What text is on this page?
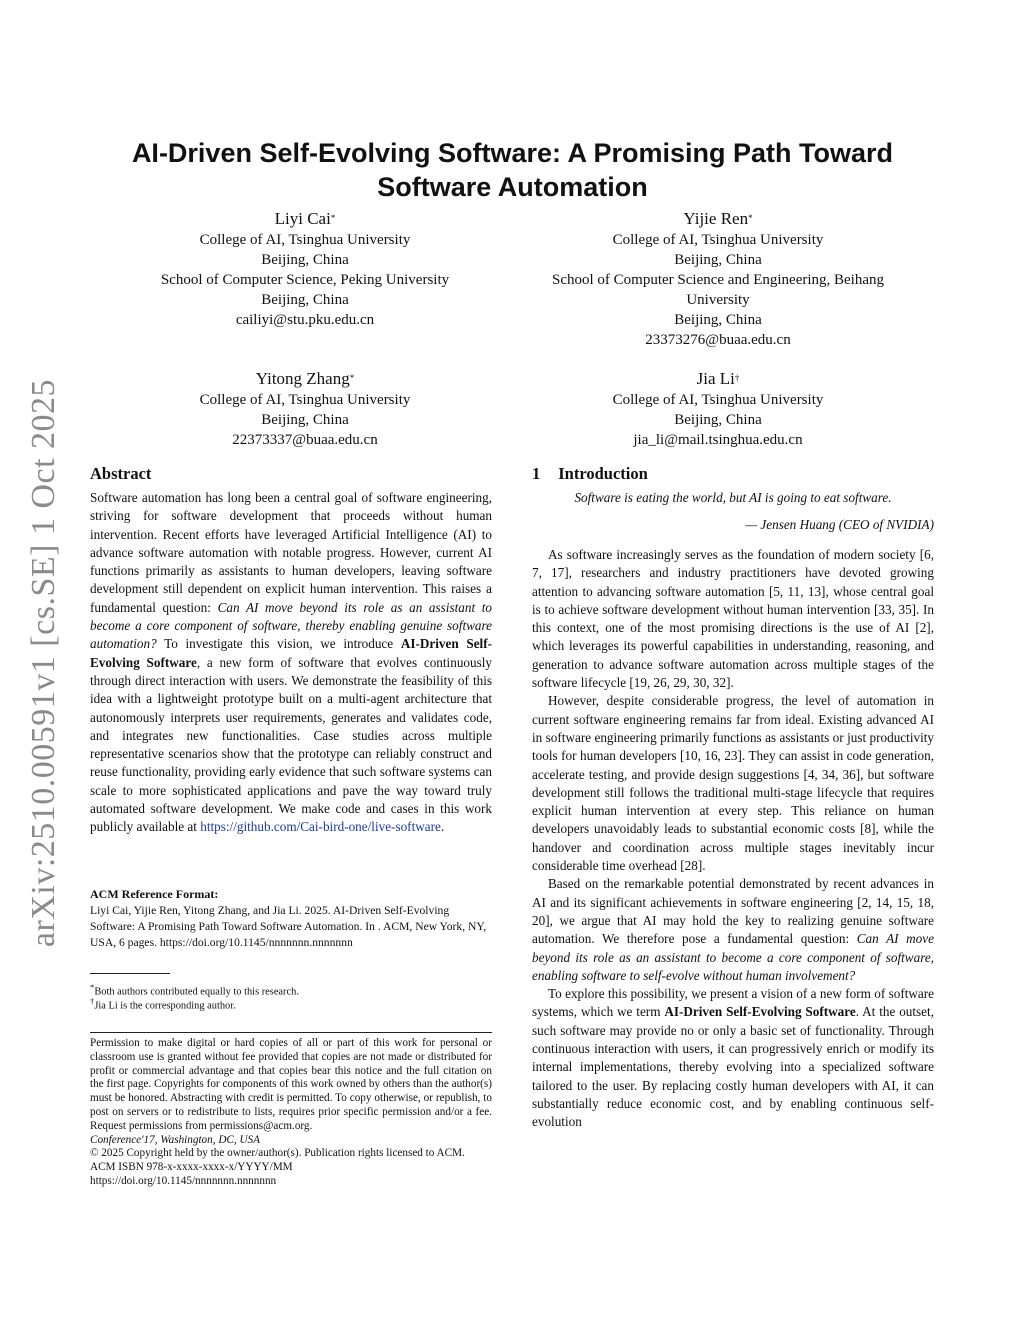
arXiv:2510.00591v1 [cs.SE] 1 Oct 2025
AI-Driven Self-Evolving Software: A Promising Path Toward Software Automation
Liyi Cai*
College of AI, Tsinghua University
Beijing, China
School of Computer Science, Peking University
Beijing, China
cailiyi@stu.pku.edu.cn
Yijie Ren*
College of AI, Tsinghua University
Beijing, China
School of Computer Science and Engineering, Beihang
University
Beijing, China
23373276@buaa.edu.cn
Yitong Zhang*
College of AI, Tsinghua University
Beijing, China
22373337@buaa.edu.cn
Jia Li†
College of AI, Tsinghua University
Beijing, China
jia_li@mail.tsinghua.edu.cn
Abstract

Software automation has long been a central goal of software engineering, striving for software development that proceeds without human intervention. Recent efforts have leveraged Artificial Intelligence (AI) to advance software automation with notable progress. However, current AI functions primarily as assistants to human developers, leaving software development still dependent on explicit human intervention. This raises a fundamental question: Can AI move beyond its role as an assistant to become a core component of software, thereby enabling genuine software automation? To investigate this vision, we introduce AI-Driven Self-Evolving Software, a new form of software that evolves continuously through direct interaction with users. We demonstrate the feasibility of this idea with a lightweight prototype built on a multi-agent architecture that autonomously interprets user requirements, generates and validates code, and integrates new functionalities. Case studies across multiple representative scenarios show that the prototype can reliably construct and reuse functionality, providing early evidence that such software systems can scale to more sophisticated applications and pave the way toward truly automated software development. We make code and cases in this work publicly available at https://github.com/Cai-bird-one/live-software.

ACM Reference Format:
Liyi Cai, Yijie Ren, Yitong Zhang, and Jia Li. 2025. AI-Driven Self-Evolving Software: A Promising Path Toward Software Automation. In . ACM, New York, NY, USA, 6 pages. https://doi.org/10.1145/nnnnnnn.nnnnnnn
*Both authors contributed equally to this research.
†Jia Li is the corresponding author.
Permission to make digital or hard copies of all or part of this work for personal or classroom use is granted without fee provided that copies are not made or distributed for profit or commercial advantage and that copies bear this notice and the full citation on the first page. Copyrights for components of this work owned by others than the author(s) must be honored. Abstracting with credit is permitted. To copy otherwise, or republish, to post on servers or to redistribute to lists, requires prior specific permission and/or a fee. Request permissions from permissions@acm.org.
Conference'17, Washington, DC, USA
© 2025 Copyright held by the owner/author(s). Publication rights licensed to ACM.
ACM ISBN 978-x-xxxx-xxxx-x/YYYY/MM
https://doi.org/10.1145/nnnnnnn.nnnnnnn
1 Introduction
Software is eating the world, but AI is going to eat software.
— Jensen Huang (CEO of NVIDIA)

As software increasingly serves as the foundation of modern society [6, 7, 17], researchers and industry practitioners have devoted growing attention to advancing software automation [5, 11, 13], whose central goal is to achieve software development without human intervention [33, 35]. In this context, one of the most promising directions is the use of AI [2], which leverages its powerful capabilities in understanding, reasoning, and generation to advance software automation across multiple stages of the software lifecycle [19, 26, 29, 30, 32].

However, despite considerable progress, the level of automation in current software engineering remains far from ideal. Existing advanced AI in software engineering primarily functions as assistants or just productivity tools for human developers [10, 16, 23]. They can assist in code generation, accelerate testing, and provide design suggestions [4, 34, 36], but software development still follows the traditional multi-stage lifecycle that requires explicit human intervention at every step. This reliance on human developers unavoidably leads to substantial economic costs [8], while the handover and coordination across multiple stages inevitably incur considerable time overhead [28].

Based on the remarkable potential demonstrated by recent advances in AI and its significant achievements in software engineering [2, 14, 15, 18, 20], we argue that AI may hold the key to realizing genuine software automation. We therefore pose a fundamental question: Can AI move beyond its role as an assistant to become a core component of software, enabling software to self-evolve without human involvement?

To explore this possibility, we present a vision of a new form of software systems, which we term AI-Driven Self-Evolving Software. At the outset, such software may provide no or only a basic set of functionality. Through continuous interaction with users, it can progressively enrich or modify its internal implementations, thereby evolving into a specialized software tailored to the user. By replacing costly human developers with AI, it can substantially reduce economic cost, and by enabling continuous self-evolution
